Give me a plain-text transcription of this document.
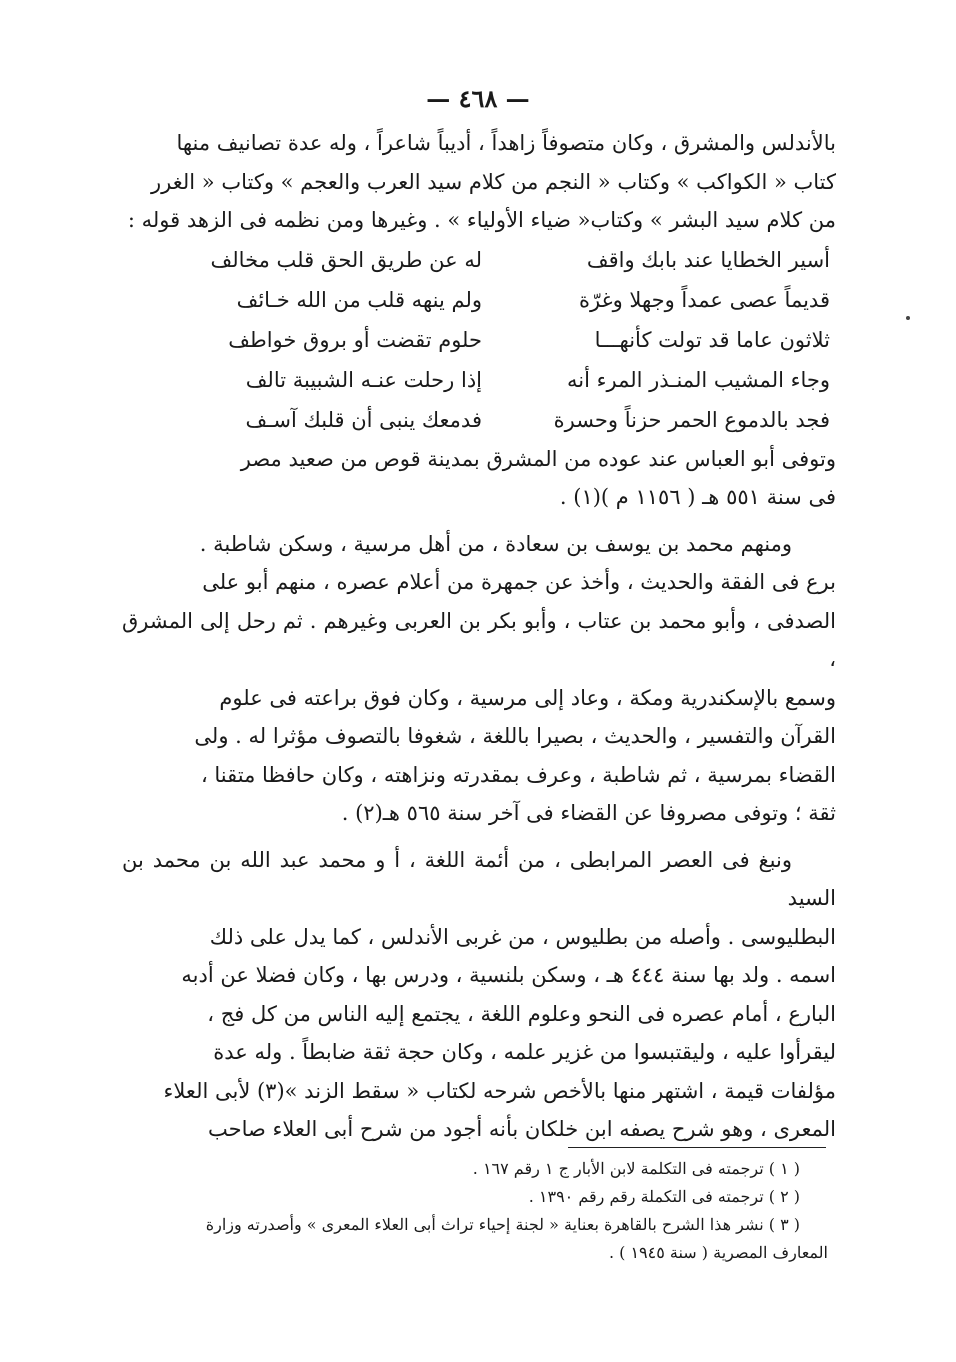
— ٤٦٨ —

بالأندلس والمشرق ، وكان متصوفاً زاهداً ، أديباً شاعراً ، وله عدة تصانيف منها

كتاب « الكواكب » وكتاب « النجم من كلام سيد العرب والعجم » وكتاب « الغرر

من كلام سيد البشر » وكتاب« ضياء الأولياء » . وغيرها ومن نظمه فى الزهد قوله :

أسير الخطايا عند بابك واقف
له عن طريق الحق قلب مخالف
قديماً عصى عمداً وجهلا وغرّة
ولم ينهه قلب من الله خـائف
ثلاثون عاما قد تولت كأنهـــا
حلوم تقضت أو بروق خواطف
وجاء المشيب المنـذر المرء أنه
إذا رحلت عنـه الشبيبة تالف
فجد بالدموع الحمر حزناً وحسرة
فدمعك ينبى أن قلبك آسـف

وتوفى أبو العباس عند عوده من المشرق بمدينة قوص من صعيد مصر

فى سنة ٥٥١ هـ ( ١١٥٦ م )(١) .

ومنهم محمد بن يوسف بن سعادة ، من أهل مرسية ، وسكن شاطبة .

برع فى الفقة والحديث ، وأخذ عن جمهرة من أعلام عصره ، منهم أبو على

الصدفى ، وأبو محمد بن عتاب ، وأبو بكر بن العربى وغيرهم . ثم رحل إلى المشرق ،

وسمع بالإسكندرية ومكة ، وعاد إلى مرسية ، وكان فوق براعته فى علوم

القرآن والتفسير ، والحديث ، بصيرا باللغة ، شغوفا بالتصوف مؤثرا له . ولى

القضاء بمرسية ، ثم شاطبة ، وعرف بمقدرته ونزاهته ، وكان حافظا متقنا ،

ثقة ؛ وتوفى مصروفا عن القضاء فى آخر سنة ٥٦٥ هـ(٢) .

ونبغ فى العصر المرابطى ، من أئمة اللغة ، أ و محمد عبد الله بن محمد بن السيد

البطليوسى . وأصله من بطليوس ، من غربى الأندلس ، كما يدل على ذلك

اسمه . ولد بها سنة ٤٤٤ هـ ، وسكن بلنسية ، ودرس بها ، وكان فضلا عن أدبه

البارع ، أمام عصره فى النحو وعلوم اللغة ، يجتمع إليه الناس من كل فج ،

ليقرأوا عليه ، وليقتبسوا من غزير علمه ، وكان حجة ثقة ضابطاً . وله عدة

مؤلفات قيمة ، اشتهر منها بالأخص شرحه لكتاب « سقط الزند »(٣) لأبى العلاء

المعرى ، وهو شرح يصفه ابن خلكان بأنه أجود من شرح أبى العلاء صاحب

( ١ ) ترجمته فى التكلمة لابن الأبار ج ١ رقم ١٦٧ .

( ٢ ) ترجمته فى التكملة رقم رقم ١٣٩٠ .

( ٣ ) نشر هذا الشرح بالقاهرة بعناية « لجنة إحياء تراث أبى العلاء المعرى » وأصدرته وزارة

المعارف المصرية ( سنة ١٩٤٥ ) .
